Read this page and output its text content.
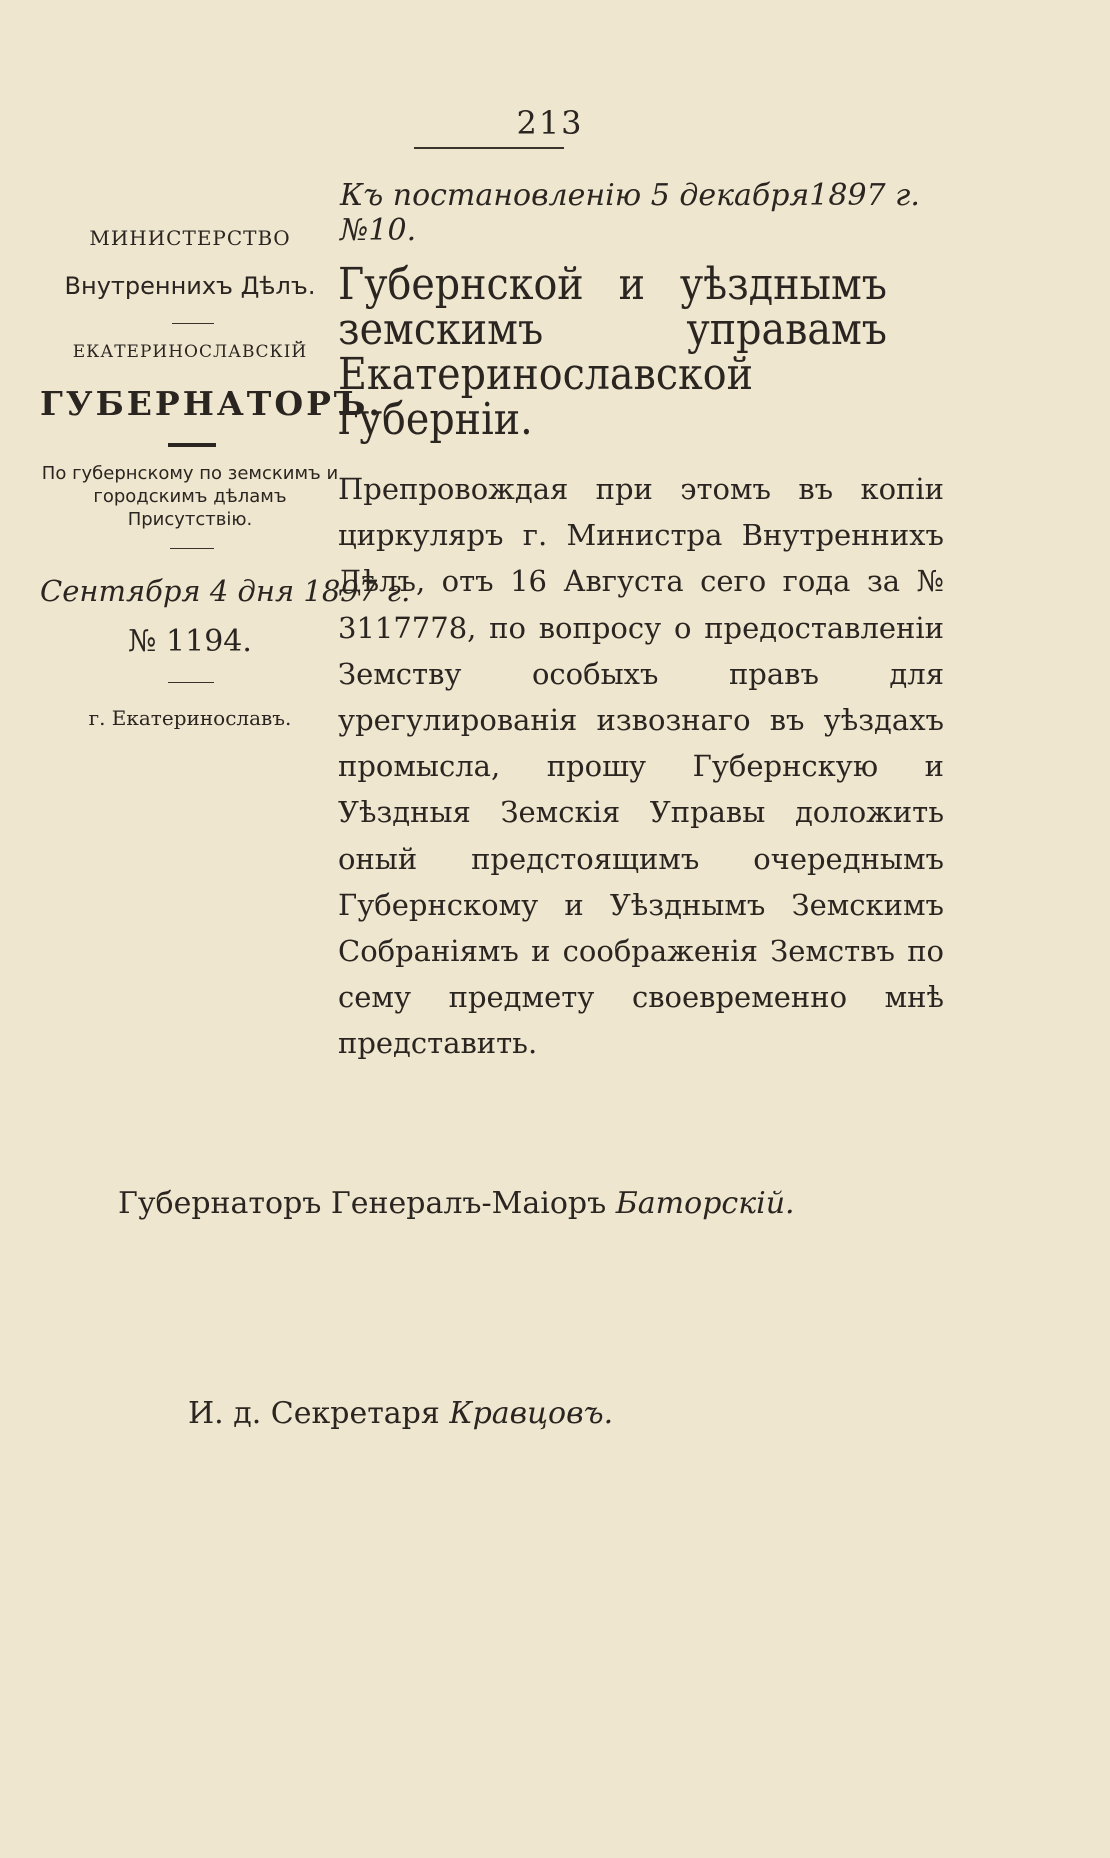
213
Къ постановленію 5 декабря1897 г. №10.
МИНИСТЕРСТВО
Внутреннихъ Дѣлъ.
ЕКАТЕРИНОСЛАВСКІЙ
ГУБЕРНАТОРЪ.
По губернскому по земскимъ и городскимъ дѣламъ Присутствію.
Сентября 4 дня 1897 г.
№ 1194.
г. Екатеринославъ.
Губернской и уѣзднымъ земскимъ управамъ Екатеринославской губерніи.
Препровождая при этомъ въ копіи циркуляръ г. Министра Внутреннихъ Дѣлъ, отъ 16 Августа сего года за № 3117778, по вопросу о предоставленіи Земству особыхъ правъ для урегулированія извознаго въ уѣздахъ промысла, прошу Губернскую и Уѣздныя Земскія Управы доложить оный предстоящимъ очереднымъ Губернскому и Уѣзднымъ Земскимъ Собраніямъ и соображенія Земствъ по сему предмету своевременно мнѣ представить.
Губернаторъ Генералъ-Маіоръ Баторскій.
И. д. Секретаря Кравцовъ.
